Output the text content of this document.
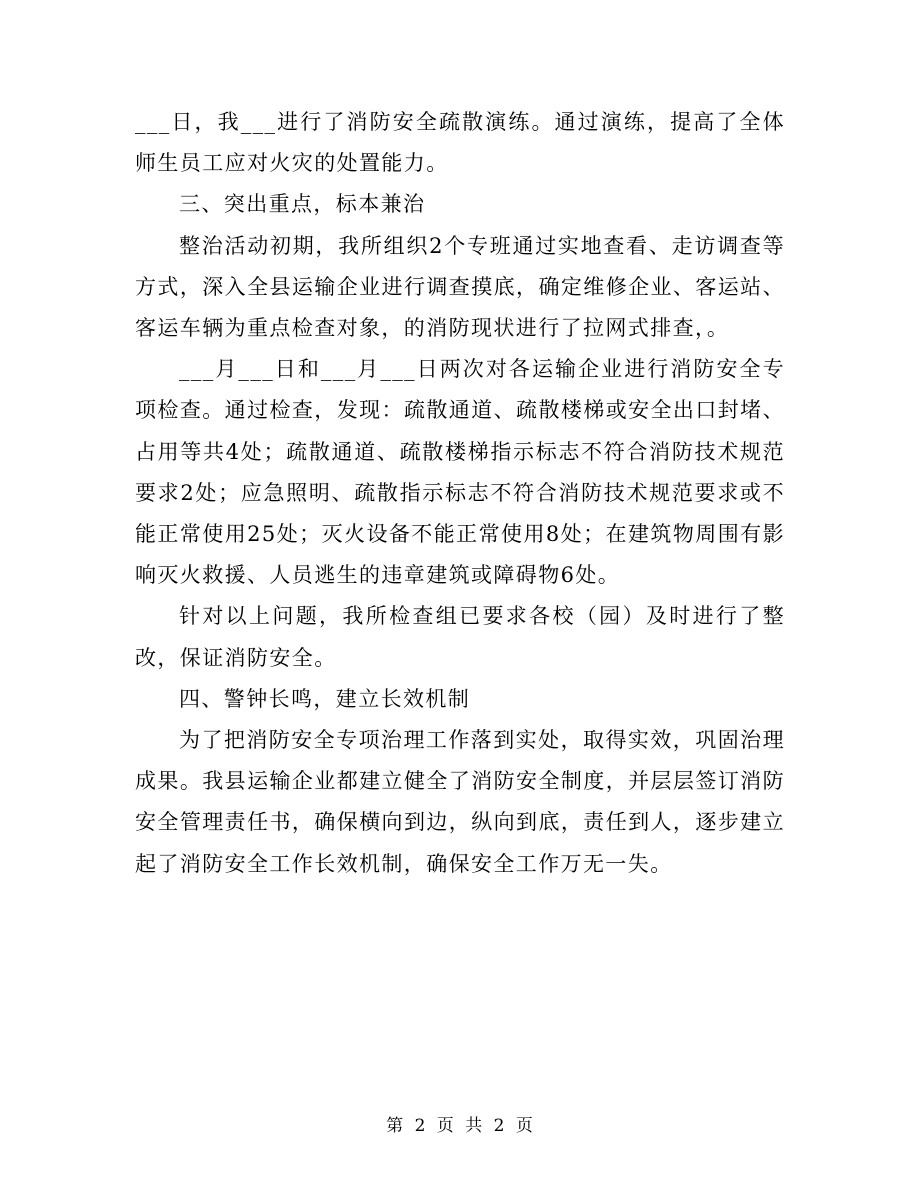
___日，我___进行了消防安全疏散演练。通过演练，提高了全体师生员工应对火灾的处置能力。

三、突出重点，标本兼治

整治活动初期，我所组织2个专班通过实地查看、走访调查等方式，深入全县运输企业进行调查摸底，确定维修企业、客运站、客运车辆为重点检查对象，的消防现状进行了拉网式排查，。

___月___日和___月___日两次对各运输企业进行消防安全专项检查。通过检查，发现：疏散通道、疏散楼梯或安全出口封堵、占用等共4处；疏散通道、疏散楼梯指示标志不符合消防技术规范要求2处；应急照明、疏散指示标志不符合消防技术规范要求或不能正常使用25处；灭火设备不能正常使用8处；在建筑物周围有影响灭火救援、人员逃生的违章建筑或障碍物6处。

针对以上问题，我所检查组已要求各校（园）及时进行了整改，保证消防安全。

四、警钟长鸣，建立长效机制

为了把消防安全专项治理工作落到实处，取得实效，巩固治理成果。我县运输企业都建立健全了消防安全制度，并层层签订消防安全管理责任书，确保横向到边，纵向到底，责任到人，逐步建立起了消防安全工作长效机制，确保安全工作万无一失。

第 2 页 共 2 页
